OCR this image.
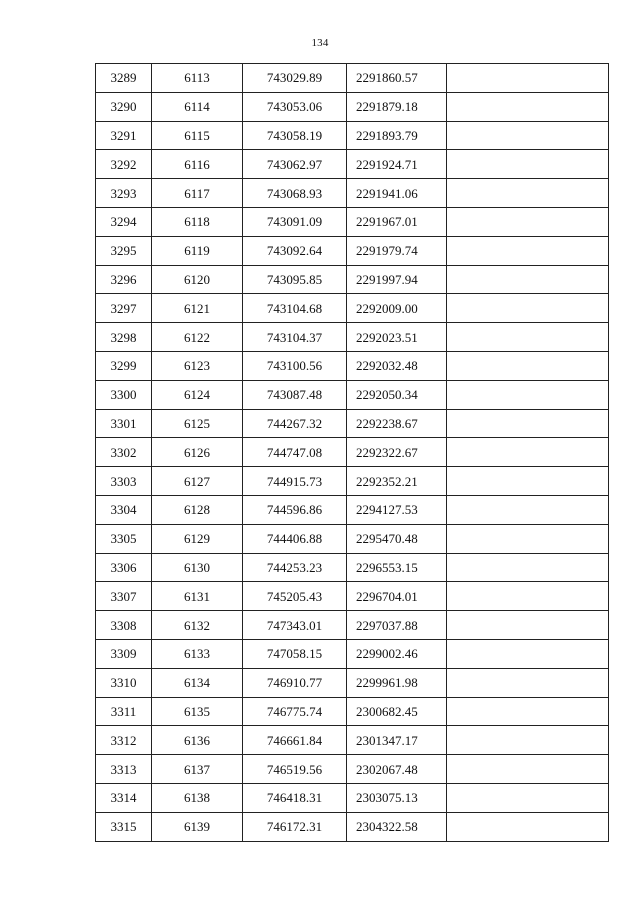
134
3289	6113	743029.89	2291860.57	
3290	6114	743053.06	2291879.18	
3291	6115	743058.19	2291893.79	
3292	6116	743062.97	2291924.71	
3293	6117	743068.93	2291941.06	
3294	6118	743091.09	2291967.01	
3295	6119	743092.64	2291979.74	
3296	6120	743095.85	2291997.94	
3297	6121	743104.68	2292009.00	
3298	6122	743104.37	2292023.51	
3299	6123	743100.56	2292032.48	
3300	6124	743087.48	2292050.34	
3301	6125	744267.32	2292238.67	
3302	6126	744747.08	2292322.67	
3303	6127	744915.73	2292352.21	
3304	6128	744596.86	2294127.53	
3305	6129	744406.88	2295470.48	
3306	6130	744253.23	2296553.15	
3307	6131	745205.43	2296704.01	
3308	6132	747343.01	2297037.88	
3309	6133	747058.15	2299002.46	
3310	6134	746910.77	2299961.98	
3311	6135	746775.74	2300682.45	
3312	6136	746661.84	2301347.17	
3313	6137	746519.56	2302067.48	
3314	6138	746418.31	2303075.13	
3315	6139	746172.31	2304322.58	
